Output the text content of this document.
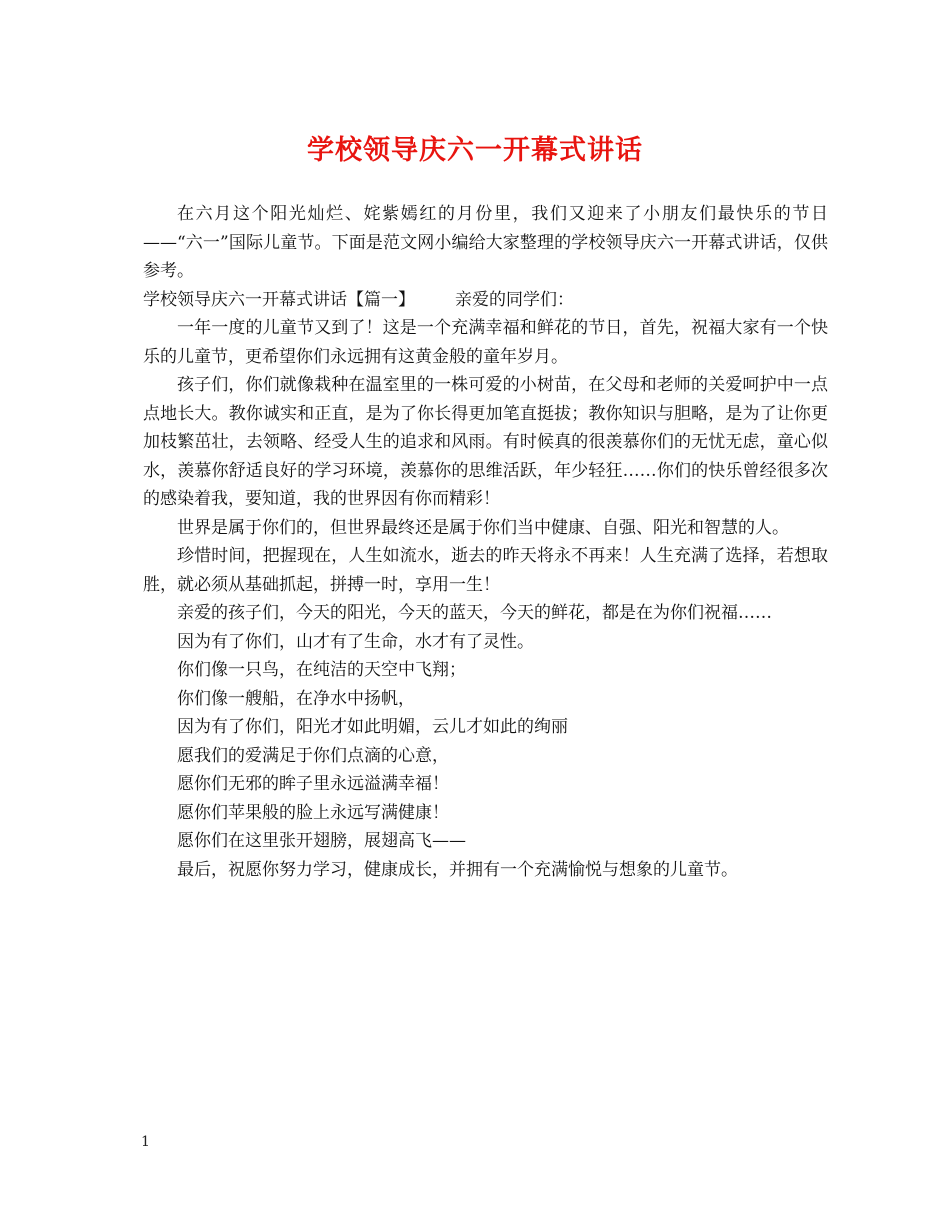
学校领导庆六一开幕式讲话

在六月这个阳光灿烂、姹紫嫣红的月份里，我们又迎来了小朋友们最快乐的节日——“六一”国际儿童节。下面是范文网小编给大家整理的学校领导庆六一开幕式讲话，仅供参考。

学校领导庆六一开幕式讲话【篇一】 亲爱的同学们：

一年一度的儿童节又到了！这是一个充满幸福和鲜花的节日，首先，祝福大家有一个快乐的儿童节，更希望你们永远拥有这黄金般的童年岁月。

孩子们，你们就像栽种在温室里的一株可爱的小树苗，在父母和老师的关爱呵护中一点点地长大。教你诚实和正直，是为了你长得更加笔直挺拔；教你知识与胆略，是为了让你更加枝繁茁壮，去领略、经受人生的追求和风雨。有时候真的很羡慕你们的无忧无虑，童心似水，羡慕你舒适良好的学习环境，羡慕你的思维活跃，年少轻狂……你们的快乐曾经很多次的感染着我，要知道，我的世界因有你而精彩！

世界是属于你们的，但世界最终还是属于你们当中健康、自强、阳光和智慧的人。

珍惜时间，把握现在，人生如流水，逝去的昨天将永不再来！人生充满了选择，若想取胜，就必须从基础抓起，拼搏一时，享用一生！

亲爱的孩子们，今天的阳光，今天的蓝天，今天的鲜花，都是在为你们祝福……

因为有了你们，山才有了生命，水才有了灵性。

你们像一只鸟，在纯洁的天空中飞翔；

你们像一艘船，在净水中扬帆，

因为有了你们，阳光才如此明媚，云儿才如此的绚丽

愿我们的爱满足于你们点滴的心意，

愿你们无邪的眸子里永远溢满幸福！

愿你们苹果般的脸上永远写满健康！

愿你们在这里张开翅膀，展翅高飞——

最后，祝愿你努力学习，健康成长，并拥有一个充满愉悦与想象的儿童节。

1
